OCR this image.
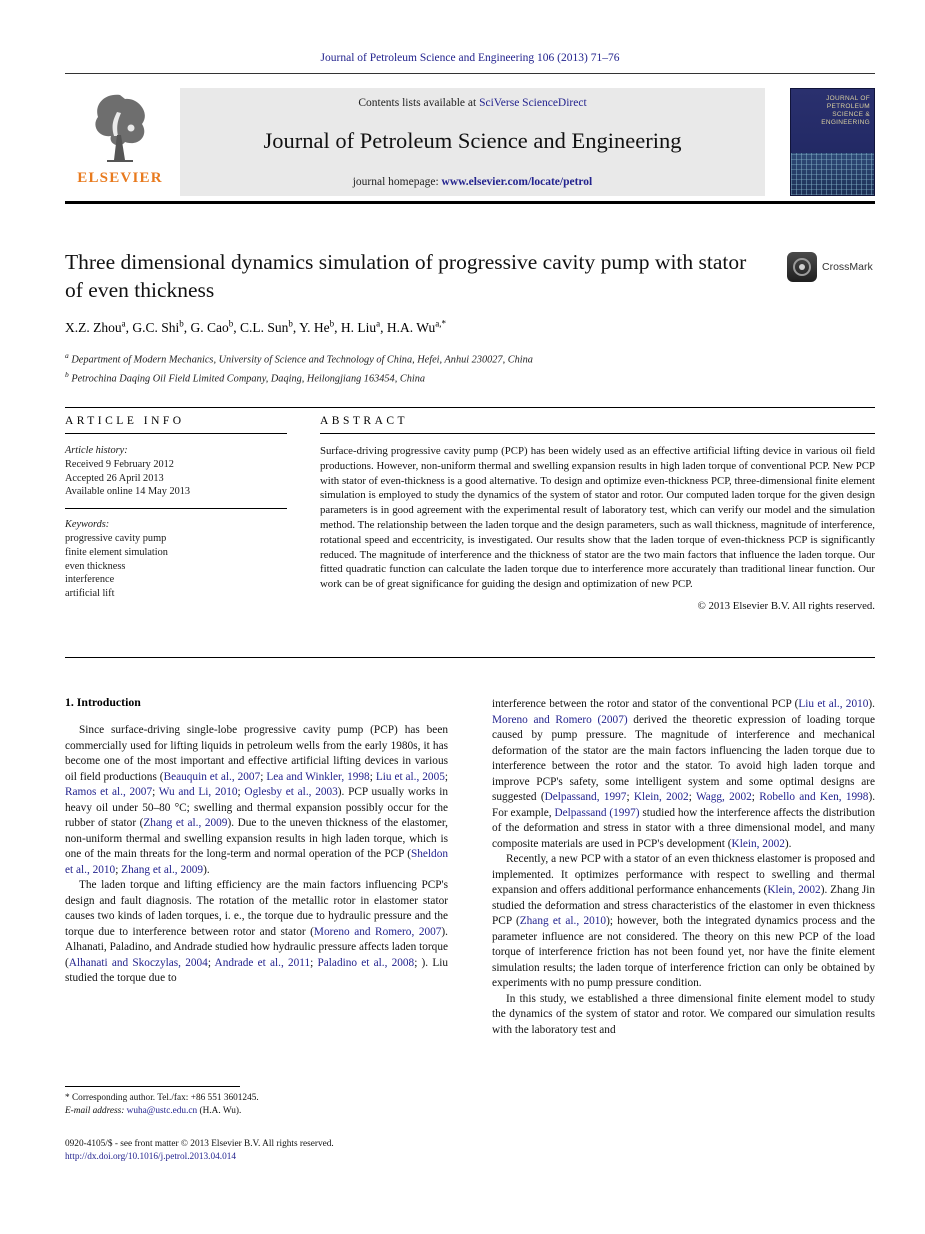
Journal of Petroleum Science and Engineering 106 (2013) 71–76
ELSEVIER
Contents lists available at SciVerse ScienceDirect
Journal of Petroleum Science and Engineering
journal homepage: www.elsevier.com/locate/petrol
JOURNAL OF PETROLEUM SCIENCE & ENGINEERING
Three dimensional dynamics simulation of progressive cavity pump with stator of even thickness
CrossMark
X.Z. Zhou$^a$, G.C. Shi$^b$, G. Cao$^b$, C.L. Sun$^b$, Y. He$^b$, H. Liu$^a$, H.A. $Wu^{a,*}$
$^a$ Department of Modern Mechanics, University of Science and Technology of China, Hefei, Anhui 230027, China
$^b$ Petrochina Daqing Oil Field Limited Company, Daqing, Heilongjiang 163454, China
ARTICLE INFO
Article history:
Received 9 February 2012
Accepted 26 April 2013
Available online 14 May 2013
Keywords:
progressive cavity pump
finite element simulation
even thickness
interference
artificial lift
ABSTRACT

Surface-driving progressive cavity pump (PCP) has been widely used as an effective artificial lifting device in various oil field productions. However, non-uniform thermal and swelling expansion results in high laden torque of conventional PCP. New PCP with stator of even-thickness is a good alternative. To design and optimize even-thickness PCP, three-dimensional finite element simulation is employed to study the dynamics of the system of stator and rotor. Our computed laden torque for the given design parameters is in good agreement with the experimental result of laboratory test, which can verify our model and the simulation method. The relationship between the laden torque and the design parameters, such as wall thickness, magnitude of interference, rotational speed and eccentricity, is investigated. Our results show that the laden torque of even-thickness PCP is significantly reduced. The magnitude of interference and the thickness of stator are the two main factors that influence the laden torque. Our fitted quadratic function can calculate the laden torque due to interference more accurately than traditional linear function. Our work can be of great significance for guiding the design and optimization of new PCP.

© 2013 Elsevier B.V. All rights reserved.
1. Introduction

Since surface-driving single-lobe progressive cavity pump (PCP) has been commercially used for lifting liquids in petroleum wells from the early 1980s, it has become one of the most important and effective artificial lifting devices in various oil field productions (Beauquin et al., 2007; Lea and Winkler, 1998; Liu et al., 2005; Ramos et al., 2007; Wu and Li, 2010; Oglesby et al., 2003). PCP usually works in heavy oil under 50–80 °C; swelling and thermal expansion possibly occur for the rubber of stator (Zhang et al., 2009). Due to the uneven thickness of the elastomer, non-uniform thermal and swelling expansion results in high laden torque, which is one of the main threats for the long-term and normal operation of the PCP (Sheldon et al., 2010; Zhang et al., 2009).

The laden torque and lifting efficiency are the main factors influencing PCP's design and fault diagnosis. The rotation of the metallic rotor in elastomer stator causes two kinds of laden torques, i. e., the torque due to hydraulic pressure and the torque due to interference between rotor and stator (Moreno and Romero, 2007). Alhanati, Paladino, and Andrade studied how hydraulic pressure affects laden torque (Alhanati and Skoczylas, 2004; Andrade et al., 2011; Paladino et al., 2008; ). Liu studied the torque due to

interference between the rotor and stator of the conventional PCP (Liu et al., 2010). Moreno and Romero (2007) derived the theoretic expression of loading torque caused by pump pressure. The magnitude of interference and mechanical deformation of the stator are the main factors influencing the laden torque due to interference between the rotor and the stator. To avoid high laden torque and improve PCP's safety, some intelligent system and some optimal designs are suggested (Delpassand, 1997; Klein, 2002; Wagg, 2002; Robello and Ken, 1998). For example, Delpassand (1997) studied how the interference affects the distribution of the deformation and stress in stator with a three dimensional model, and many composite materials are used in PCP's development (Klein, 2002).

Recently, a new PCP with a stator of an even thickness elastomer is proposed and implemented. It optimizes performance with respect to swelling and thermal expansion and offers additional performance enhancements (Klein, 2002). Zhang Jin studied the deformation and stress characteristics of the elastomer in even thickness PCP (Zhang et al., 2010); however, both the integrated dynamics process and the parameter influence are not considered. The theory on this new PCP of the load torque of interference friction has not been found yet, nor have the finite element simulation results; the laden torque of interference friction can only be obtained by experiments with no pump pressure condition.

In this study, we established a three dimensional finite element model to study the dynamics of the system of stator and rotor. We compared our simulation results with the laboratory test and

* Corresponding author. Tel./fax: +86 551 3601245.
E-mail address: wuha@ustc.edu.cn (H.A. Wu).
0920-4105/$ - see front matter © 2013 Elsevier B.V. All rights reserved.
http://dx.doi.org/10.1016/j.petrol.2013.04.014
